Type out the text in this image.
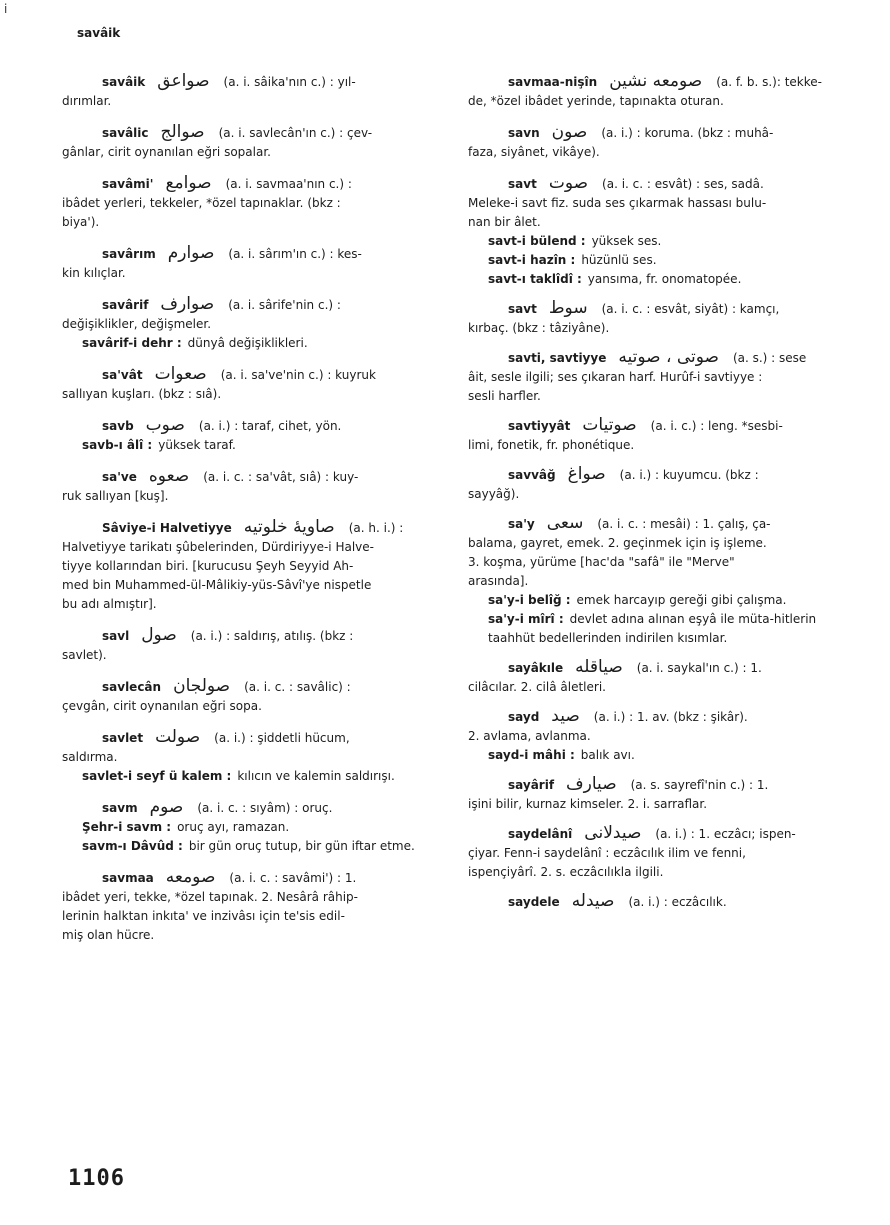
ⅰ
savâik
savâik صواعق (a. i. sâika'nın c.) : yıl-
dırımlar.
savâlic صوالج (a. i. savlecân'ın c.) : çev-
gânlar, cirit oynanılan eğri sopalar.
savâmi' صوامع (a. i. savmaa'nın c.) :
ibâdet yerleri, tekkeler, *özel tapınaklar. (bkz :
biya').
savârım صوارم (a. i. sârım'ın c.) : kes-
kin kılıçlar.
savârif صوارف (a. i. sârife'nin c.) :
değişiklikler, değişmeler.
savârif-i dehr : dünyâ değişiklikleri.
sa'vât صعوات (a. i. sa've'nin c.) : kuyruk
sallıyan kuşları. (bkz : sıâ).
savb صوب (a. i.) : taraf, cihet, yön.
savb-ı âlî : yüksek taraf.
sa've صعوه (a. i. c. : sa'vât, sıâ) : kuy-
ruk sallıyan [kuş].
Sâviye-i Halvetiyye صاويهٔ خلوتيه (a. h. i.) :
Halvetiyye tarikatı şûbelerinden, Dürdiriyye-i Halve-
tiyye kollarından biri. [kurucusu Şeyh Seyyid Ah-
med bin Muhammed-ül-Mâlikiy-yüs-Sâvî'ye nispetle
bu adı almıştır].
savl صول (a. i.) : saldırış, atılış. (bkz :
savlet).
savlecân صولجان (a. i. c. : savâlic) :
çevgân, cirit oynanılan eğri sopa.
savlet صولت (a. i.) : şiddetli hücum,
saldırma.
savlet-i seyf ü kalem : kılıcın ve kalemin saldırışı.
savm صوم (a. i. c. : sıyâm) : oruç.
Şehr-i savm : oruç ayı, ramazan.
savm-ı Dâvûd : bir gün oruç tutup, bir gün iftar etme.
savmaa صومعه (a. i. c. : savâmi') : 1.
ibâdet yeri, tekke, *özel tapınak. 2. Nesârâ râhip-
lerinin halktan inkıta' ve inzivâsı için te'sis edil-
miş olan hücre.
savmaa-nişîn صومعه نشين (a. f. b. s.): tekke-
de, *özel ibâdet yerinde, tapınakta oturan.
savn صون (a. i.) : koruma. (bkz : muhâ-
faza, siyânet, vikâye).
savt صوت (a. i. c. : esvât) : ses, sadâ.
Meleke-i savt fiz. suda ses çıkarmak hassası bulu-
nan bir âlet.
savt-i bülend : yüksek ses.
savt-i hazîn : hüzünlü ses.
savt-ı taklîdî : yansıma, fr. onomatopée.
savt سوط (a. i. c. : esvât, siyât) : kamçı,
kırbaç. (bkz : tâziyâne).
savti, savtiyye صوتى ، صوتيه (a. s.) : sese
âit, sesle ilgili; ses çıkaran harf. Hurûf-i savtiyye :
sesli harfler.
savtiyyât صوتيات (a. i. c.) : leng. *sesbi-
limi, fonetik, fr. phonétique.
savvâğ صواغ (a. i.) : kuyumcu. (bkz :
sayyâğ).
sa'y سعى (a. i. c. : mesâi) : 1. çalış, ça-
balama, gayret, emek. 2. geçinmek için iş işleme.
3. koşma, yürüme [hac'da "safâ" ile "Merve"
arasında].
sa'y-i belîğ : emek harcayıp gereği gibi çalışma.
sa'y-i mîrî : devlet adına alınan eşyâ ile müta-hitlerin taahhüt bedellerinden indirilen kısımlar.
sayâkıle صياقله (a. i. saykal'ın c.) : 1.
cilâcılar. 2. cilâ âletleri.
sayd صيد (a. i.) : 1. av. (bkz : şikâr).
2. avlama, avlanma.
sayd-i mâhi : balık avı.
sayârif صيارف (a. s. sayrefî'nin c.) : 1.
işini bilir, kurnaz kimseler. 2. i. sarraflar.
saydelânî صيدلانى (a. i.) : 1. eczâcı; ispen-
çiyar. Fenn-i saydelânî : eczâcılık ilim ve fenni,
ispençiyârî. 2. s. eczâcılıkla ilgili.
saydele صيدله (a. i.) : eczâcılık.
1106
